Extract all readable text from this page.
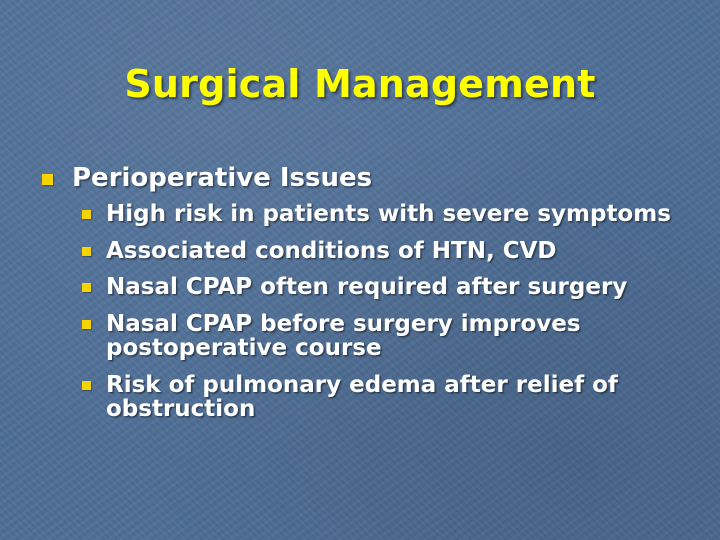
Surgical Management
Perioperative Issues
High risk in patients with severe symptoms
Associated conditions of HTN, CVD
Nasal CPAP often required after surgery
Nasal CPAP before surgery improves postoperative course
Risk of pulmonary edema after relief of obstruction
